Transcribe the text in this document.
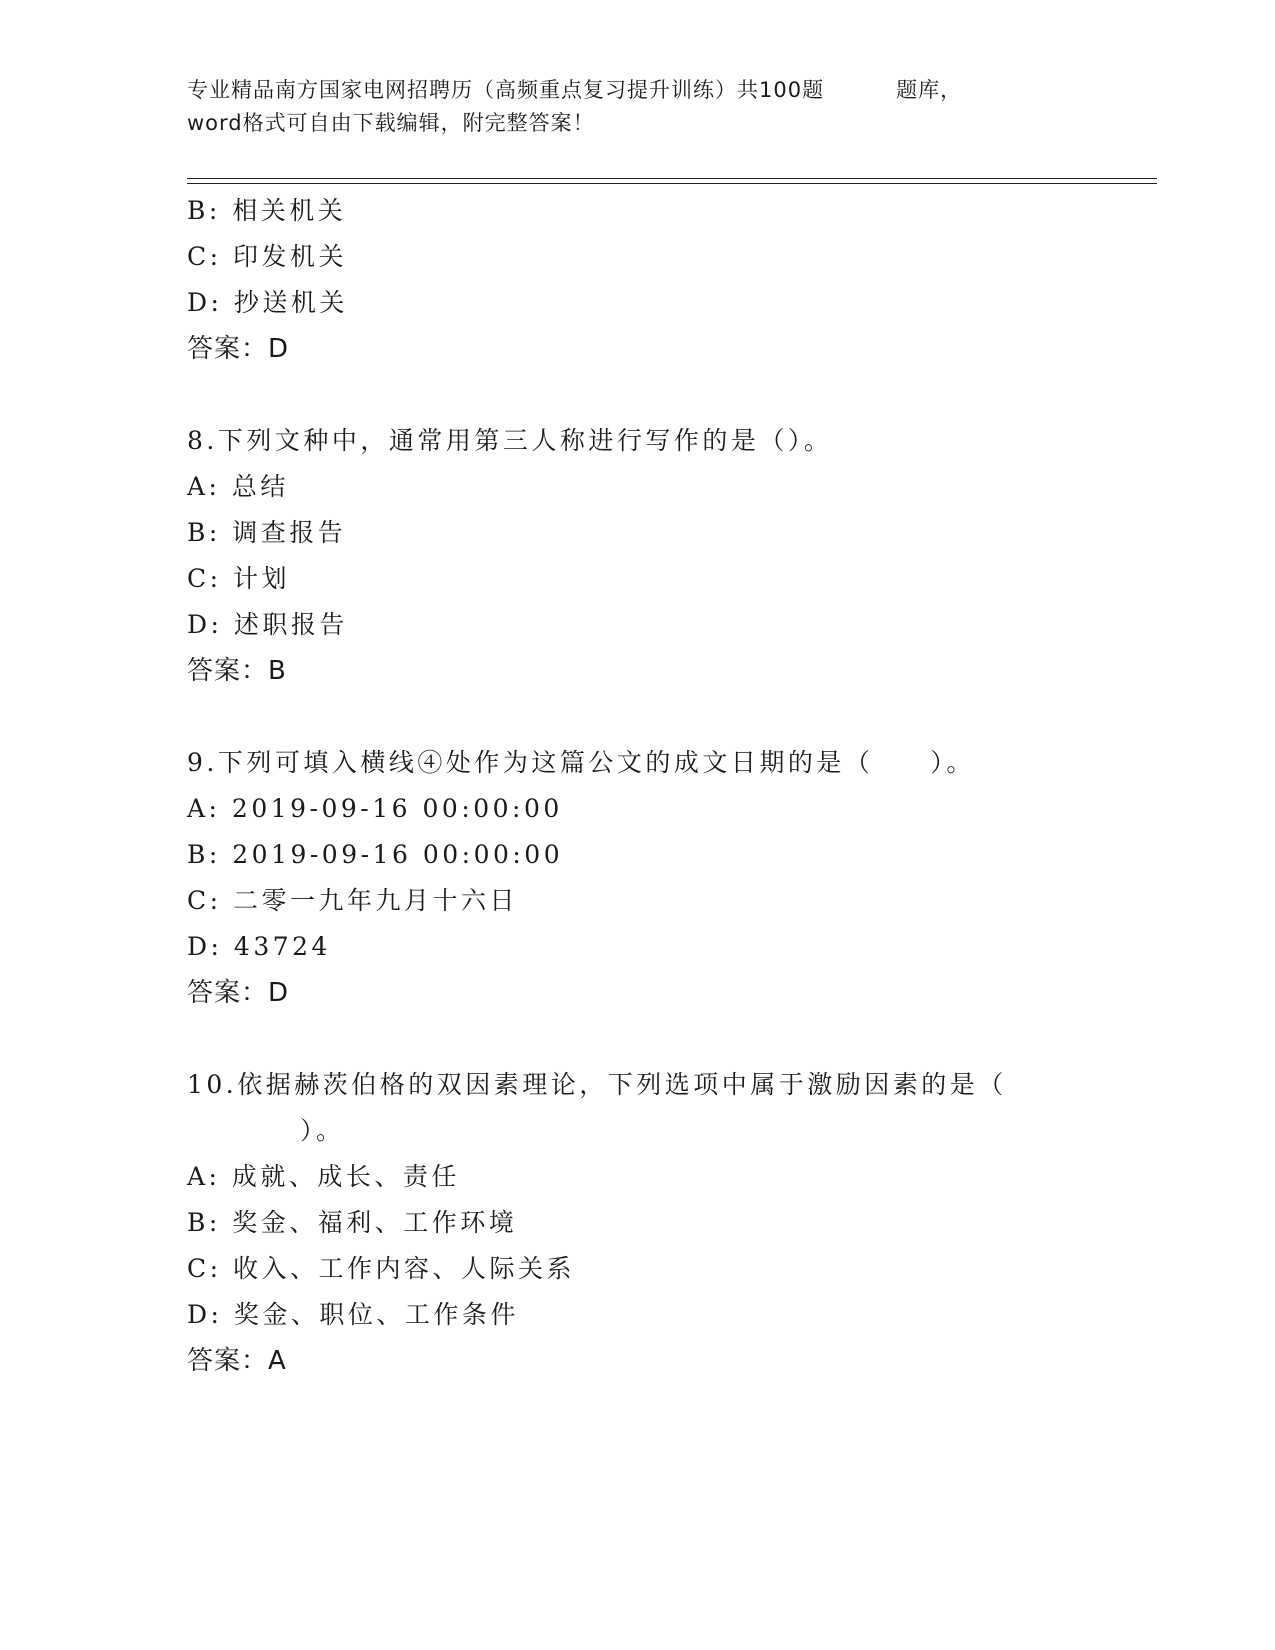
专业精品南方国家电网招聘历（高频重点复习提升训练）共100题	题库，
word格式可自由下载编辑，附完整答案！
B: 相关机关
C: 印发机关
D: 抄送机关
答案：D
8.下列文种中，通常用第三人称进行写作的是（）。
A: 总结
B: 调查报告
C: 计划
D: 述职报告
答案：B
9.下列可填入横线④处作为这篇公文的成文日期的是（　　）。
A: 2019-09-16 00:00:00
B: 2019-09-16 00:00:00
C: 二零一九年九月十六日
D: 43724
答案：D
10.依据赫茨伯格的双因素理论，下列选项中属于激励因素的是（
）。
A: 成就、成长、责任
B: 奖金、福利、工作环境
C: 收入、工作内容、人际关系
D: 奖金、职位、工作条件
答案：A
